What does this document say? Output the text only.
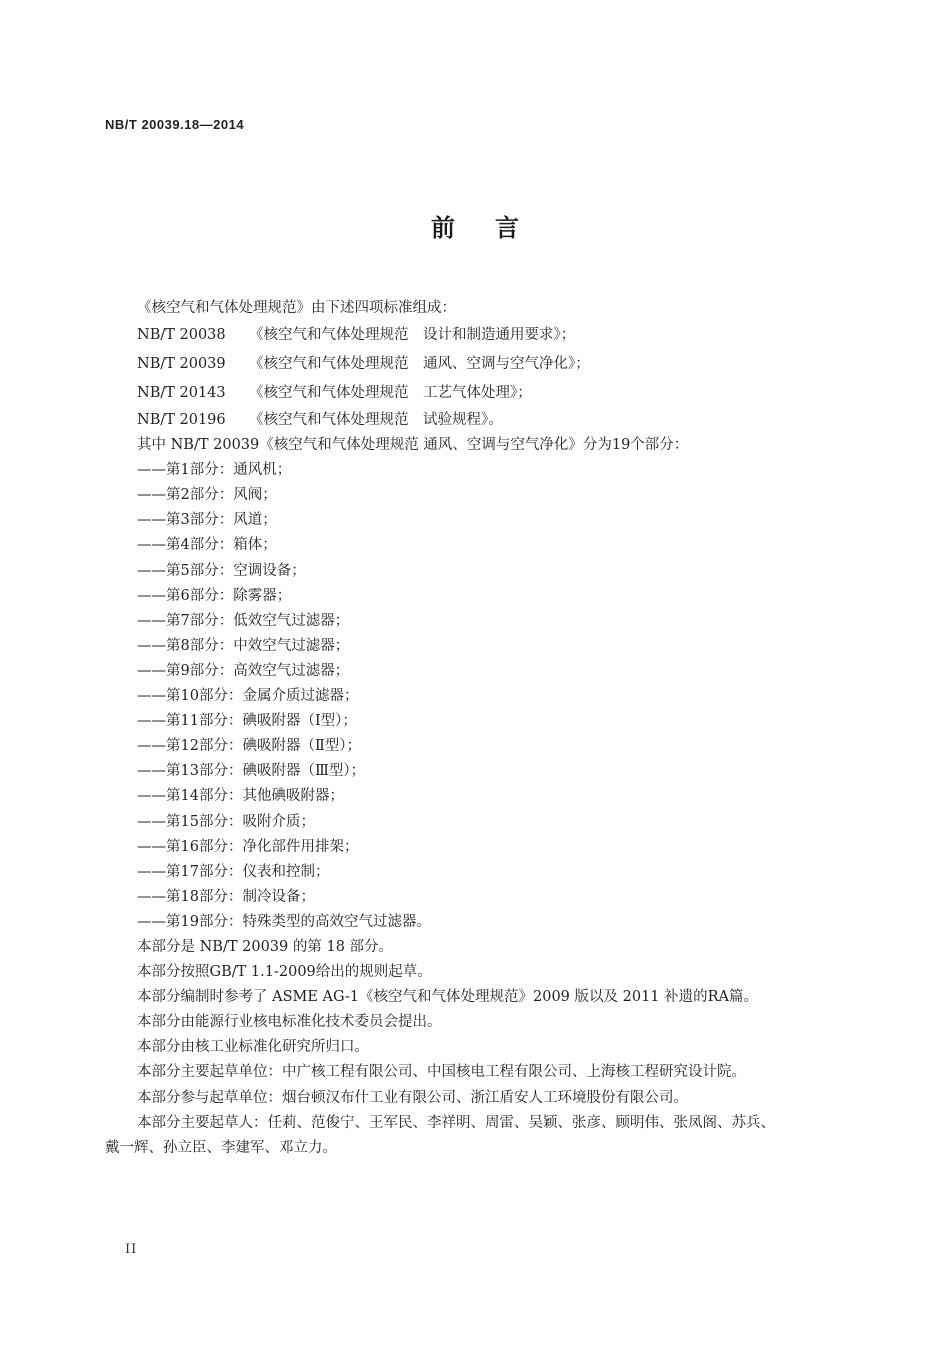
NB/T 20039.18—2014
前言
《核空气和气体处理规范》由下述四项标准组成：
NB/T 20038 《核空气和气体处理规范　设计和制造通用要求》；
NB/T 20039 《核空气和气体处理规范　通风、空调与空气净化》；
NB/T 20143 《核空气和气体处理规范　工艺气体处理》；
NB/T 20196 《核空气和气体处理规范　试验规程》。
其中 NB/T 20039《核空气和气体处理规范 通风、空调与空气净化》分为19个部分：
——第1部分：通风机；
——第2部分：风阀；
——第3部分：风道；
——第4部分：箱体；
——第5部分：空调设备；
——第6部分：除雾器；
——第7部分：低效空气过滤器；
——第8部分：中效空气过滤器；
——第9部分：高效空气过滤器；
——第10部分：金属介质过滤器；
——第11部分：碘吸附器（Ⅰ型）；
——第12部分：碘吸附器（Ⅱ型）；
——第13部分：碘吸附器（Ⅲ型）；
——第14部分：其他碘吸附器；
——第15部分：吸附介质；
——第16部分：净化部件用排架；
——第17部分：仪表和控制；
——第18部分：制冷设备；
——第19部分：特殊类型的高效空气过滤器。
本部分是 NB/T 20039 的第 18 部分。
本部分按照GB/T 1.1-2009给出的规则起草。
本部分编制时参考了 ASME AG-1《核空气和气体处理规范》2009 版以及 2011 补遗的RA篇。
本部分由能源行业核电标准化技术委员会提出。
本部分由核工业标准化研究所归口。
本部分主要起草单位：中广核工程有限公司、中国核电工程有限公司、上海核工程研究设计院。
本部分参与起草单位：烟台顿汉布什工业有限公司、浙江盾安人工环境股份有限公司。
本部分主要起草人：任莉、范俊宁、王军民、李祥明、周雷、吴颖、张彦、顾明伟、张凤阁、苏兵、
戴一辉、孙立臣、李建军、邓立力。
II
